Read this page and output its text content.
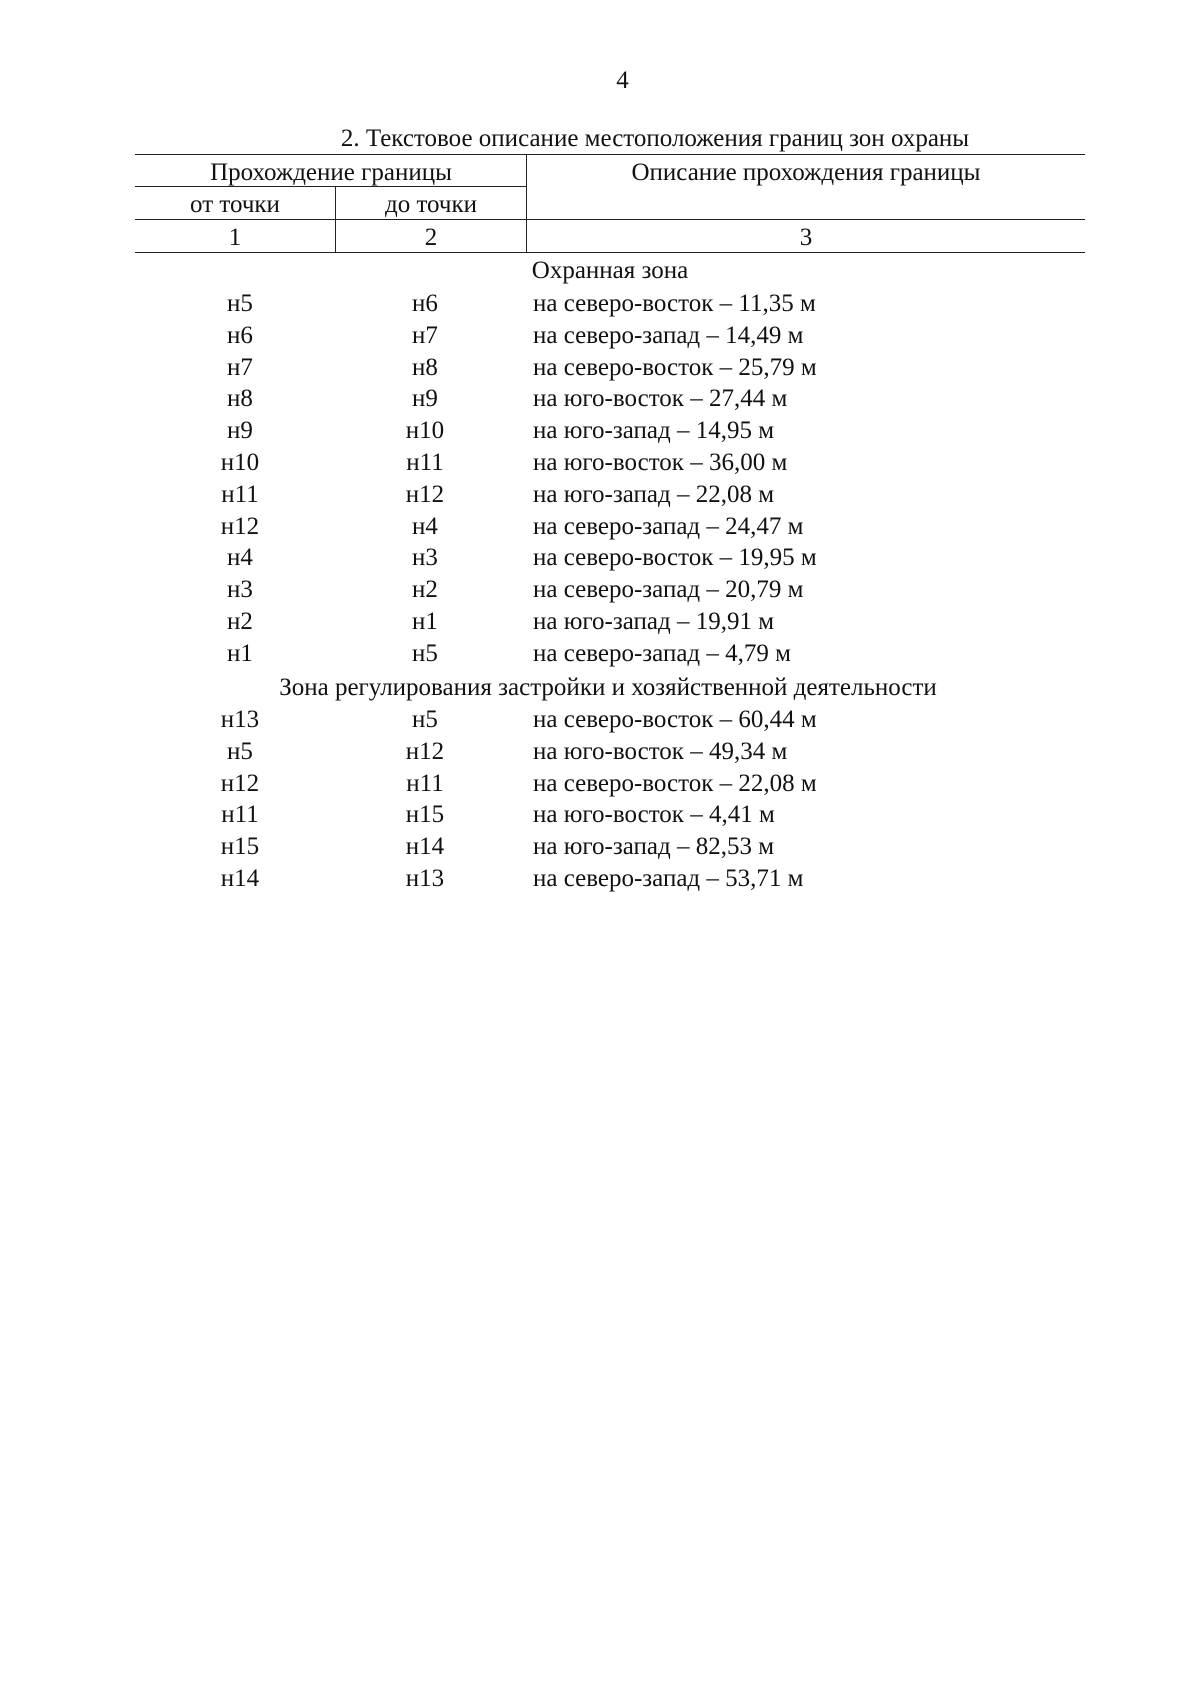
4
2. Текстовое описание местоположения границ зон охраны
Прохождение границы	Описание прохождения границы
от точки	до точки
1	2	3
Охранная зона
н5	н6	на северо-восток – 11,35 м
н6	н7	на северо-запад – 14,49 м
н7	н8	на северо-восток – 25,79 м
н8	н9	на юго-восток – 27,44 м
н9	н10	на юго-запад – 14,95 м
н10	н11	на юго-восток – 36,00 м
н11	н12	на юго-запад – 22,08 м
н12	н4	на северо-запад – 24,47 м
н4	н3	на северо-восток – 19,95 м
н3	н2	на северо-запад – 20,79 м
н2	н1	на юго-запад – 19,91 м
н1	н5	на северо-запад – 4,79 м
Зона регулирования застройки и хозяйственной деятельности
н13	н5	на северо-восток – 60,44 м
н5	н12	на юго-восток – 49,34 м
н12	н11	на северо-восток – 22,08 м
н11	н15	на юго-восток – 4,41 м
н15	н14	на юго-запад – 82,53 м
н14	н13	на северо-запад – 53,71 м
